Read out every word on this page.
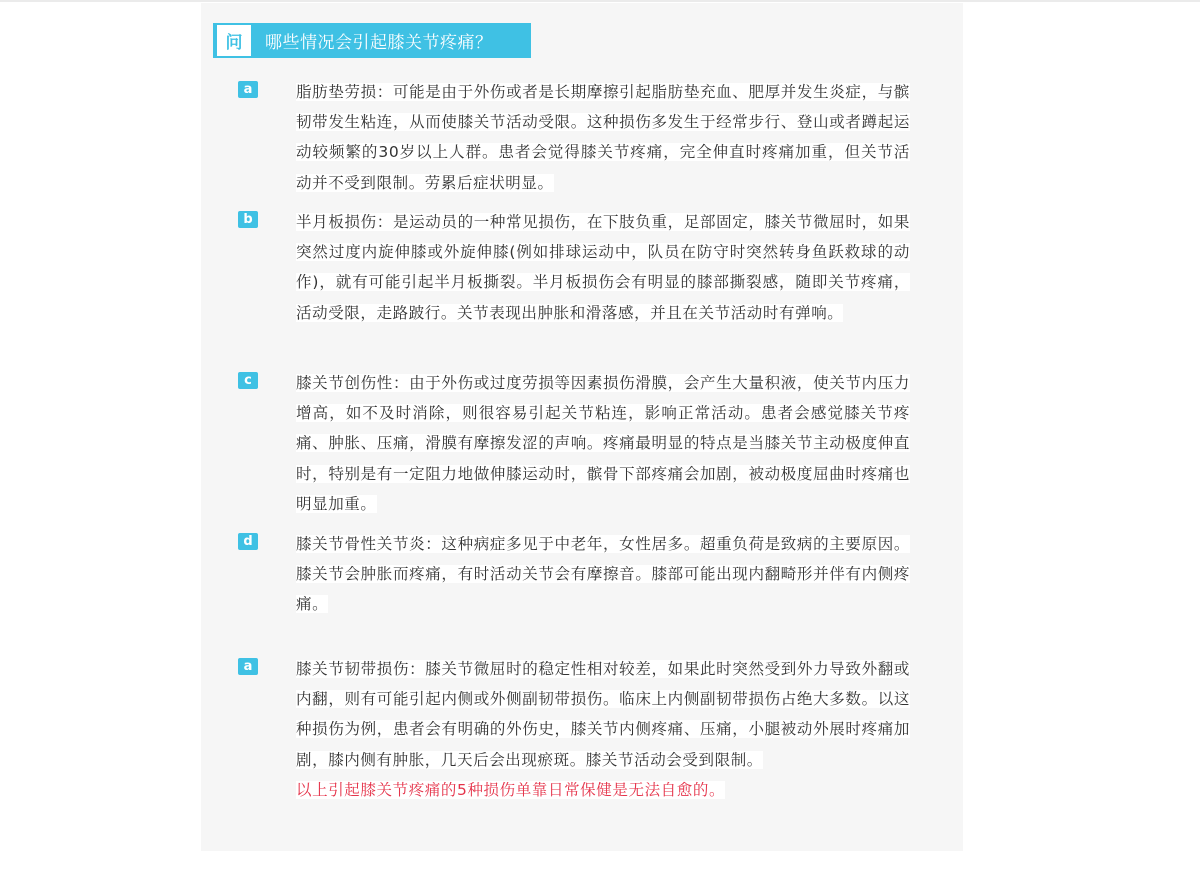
问	哪些情况会引起膝关节疼痛？
a	脂肪垫劳损：可能是由于外伤或者是长期摩擦引起脂肪垫充血、肥厚并发生炎症，与髌韧带发生粘连，从而使膝关节活动受限。这种损伤多发生于经常步行、登山或者蹲起运动较频繁的30岁以上人群。患者会觉得膝关节疼痛，完全伸直时疼痛加重，但关节活动并不受到限制。劳累后症状明显。
b	半月板损伤：是运动员的一种常见损伤，在下肢负重，足部固定，膝关节微屈时，如果突然过度内旋伸膝或外旋伸膝(例如排球运动中，队员在防守时突然转身鱼跃救球的动作)，就有可能引起半月板撕裂。半月板损伤会有明显的膝部撕裂感，随即关节疼痛，活动受限，走路跛行。关节表现出肿胀和滑落感，并且在关节活动时有弹响。
c	膝关节创伤性：由于外伤或过度劳损等因素损伤滑膜，会产生大量积液，使关节内压力增高，如不及时消除，则很容易引起关节粘连，影响正常活动。患者会感觉膝关节疼痛、肿胀、压痛，滑膜有摩擦发涩的声响。疼痛最明显的特点是当膝关节主动极度伸直时，特别是有一定阻力地做伸膝运动时，髌骨下部疼痛会加剧，被动极度屈曲时疼痛也明显加重。
d	膝关节骨性关节炎：这种病症多见于中老年，女性居多。超重负荷是致病的主要原因。膝关节会肿胀而疼痛，有时活动关节会有摩擦音。膝部可能出现内翻畸形并伴有内侧疼痛。
a	膝关节韧带损伤：膝关节微屈时的稳定性相对较差，如果此时突然受到外力导致外翻或内翻，则有可能引起内侧或外侧副韧带损伤。临床上内侧副韧带损伤占绝大多数。以这种损伤为例，患者会有明确的外伤史，膝关节内侧疼痛、压痛，小腿被动外展时疼痛加剧，膝内侧有肿胀，几天后会出现瘀斑。膝关节活动会受到限制。
以上引起膝关节疼痛的5种损伤单靠日常保健是无法自愈的。
